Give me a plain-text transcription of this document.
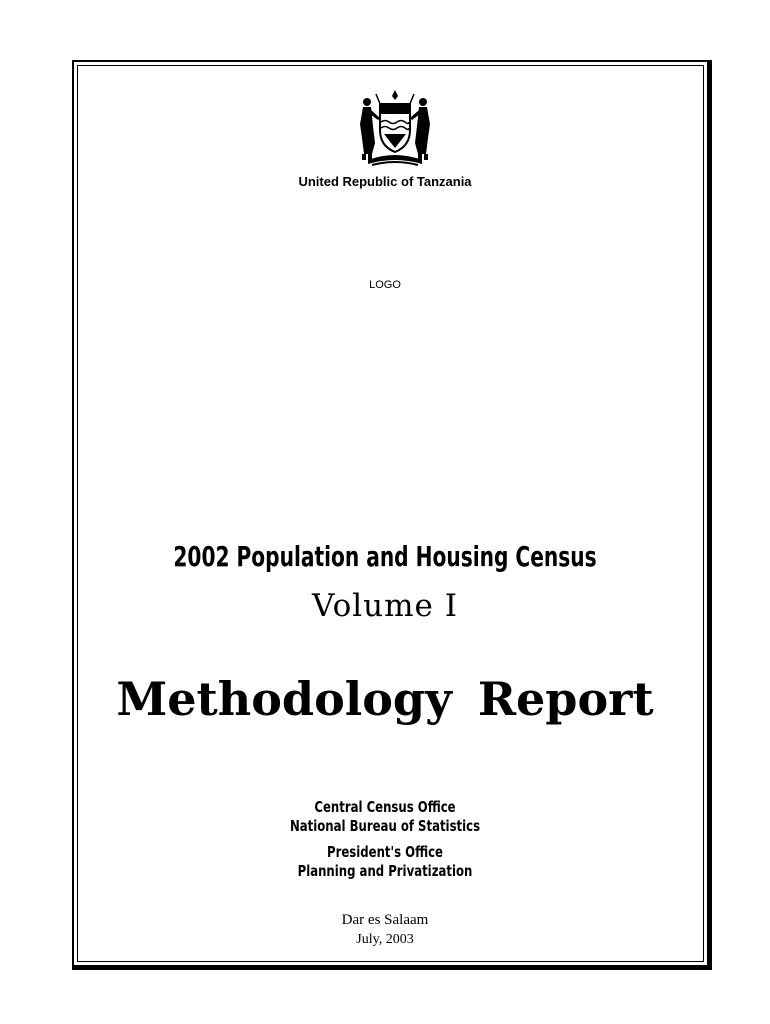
United Republic of Tanzania
LOGO
2002 Population and Housing Census
Volume I
Methodology Report
Central Census Office
National Bureau of Statistics
President's Office
Planning and Privatization
Dar es Salaam
July, 2003
